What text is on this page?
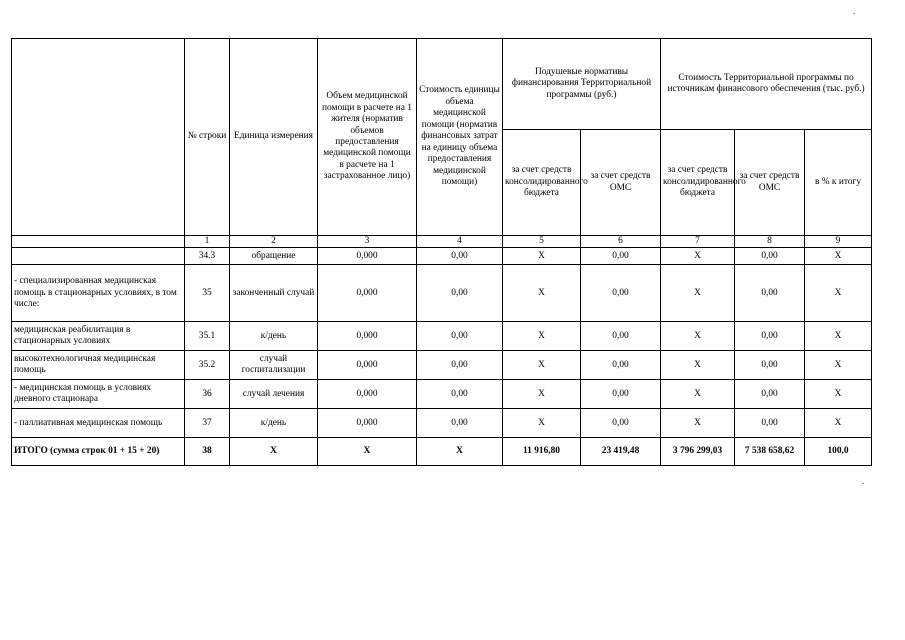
	№ строки	Единица измерения	Объем медицинской помощи в расчете на 1 жителя (норматив объемов предоставления медицинской помощи в расчете на 1 застрахованное лицо)	Стоимость единицы объема медицинской помощи (норматив финансовых затрат на единицу объема предоставления медицинской помощи)	Подушевые нормативы финансирования Территориальной программы (руб.)		Стоимость Территориальной программы по источникам финансового обеспечения (тыс. руб.)		
					за счет средств консолидированного бюджета	за счет средств ОМС	за счет средств консолидированного бюджета	за счет средств ОМС	в % к итогу
	1	2	3	4	5	6	7	8	9
	34.3	обращение	0,000	0,00	Х	0,00	Х	0,00	Х
- специализированная медицинская помощь в стационарных условиях, в том числе:	35	законченный случай	0,000	0,00	Х	0,00	Х	0,00	Х
медицинская реабилитация в стационарных условиях	35.1	к/день	0,000	0,00	Х	0,00	Х	0,00	Х
высокотехнологичная медицинская помощь	35.2	случай госпитализации	0,000	0,00	Х	0,00	Х	0,00	Х
- медицинская помощь в условиях дневного стационара	36	случай лечения	0,000	0,00	Х	0,00	Х	0,00	Х
- паллиативная медицинская помощь	37	к/день	0,000	0,00	Х	0,00	Х	0,00	Х
ИТОГО (сумма строк 01 + 15 + 20)	38	Х	Х	Х	11 916,80	23 419,48	3 796 299,03	7 538 658,62	100,0
.
.
